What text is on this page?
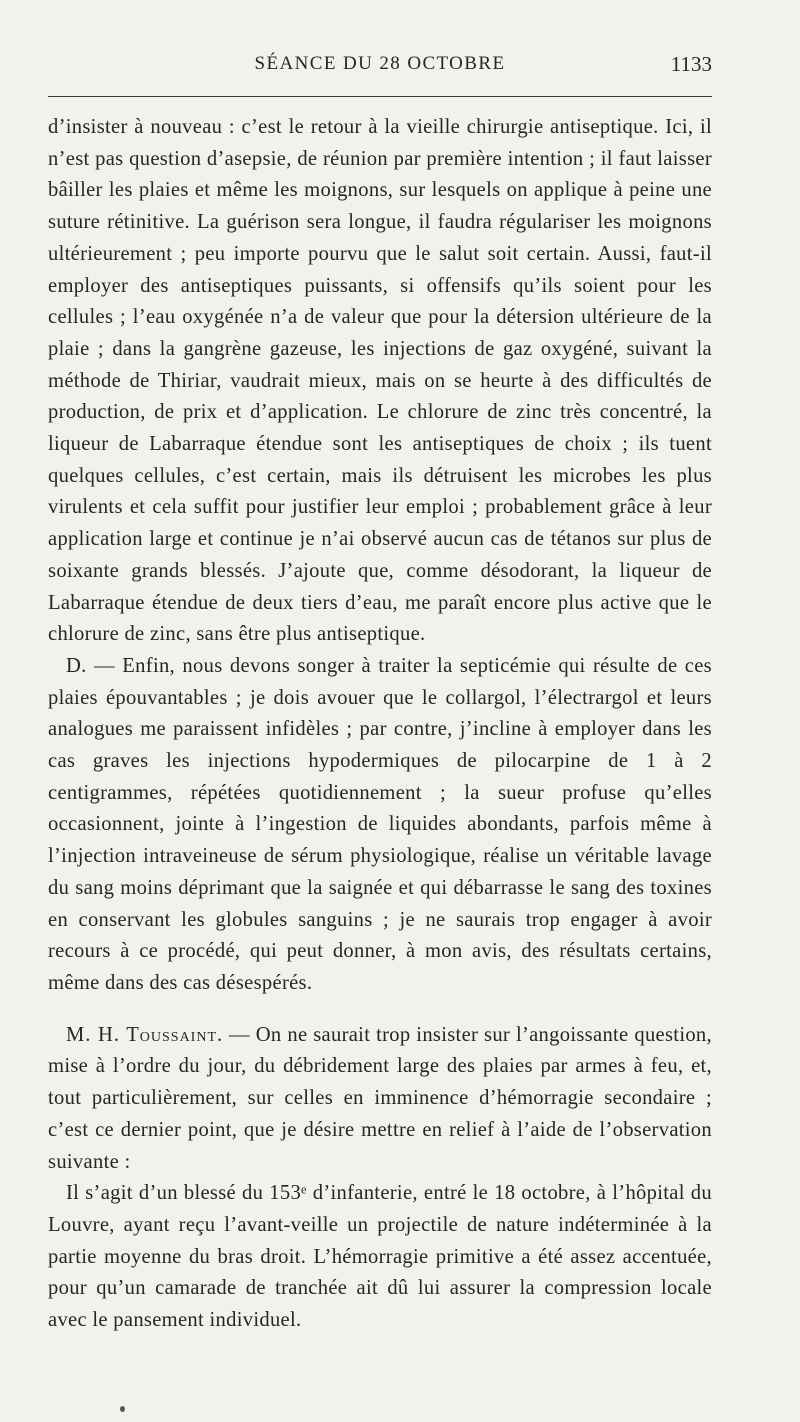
SÉANCE DU 28 OCTOBRE	1133

d’insister à nouveau : c’est le retour à la vieille chirurgie antiseptique. Ici, il n’est pas question d’asepsie, de réunion par première intention ; il faut laisser bâiller les plaies et même les moignons, sur lesquels on applique à peine une suture rétinitive. La guérison sera longue, il faudra régulariser les moignons ultérieurement ; peu importe pourvu que le salut soit certain. Aussi, faut-il employer des antiseptiques puissants, si offensifs qu’ils soient pour les cellules ; l’eau oxygénée n’a de valeur que pour la détersion ultérieure de la plaie ; dans la gangrène gazeuse, les injections de gaz oxygéné, suivant la méthode de Thiriar, vaudrait mieux, mais on se heurte à des difficultés de production, de prix et d’application. Le chlorure de zinc très concentré, la liqueur de Labarraque étendue sont les antiseptiques de choix ; ils tuent quelques cellules, c’est certain, mais ils détruisent les microbes les plus virulents et cela suffit pour justifier leur emploi ; probablement grâce à leur application large et continue je n’ai observé aucun cas de tétanos sur plus de soixante grands blessés. J’ajoute que, comme désodorant, la liqueur de Labarraque étendue de deux tiers d’eau, me paraît encore plus active que le chlorure de zinc, sans être plus antiseptique.

D. — Enfin, nous devons songer à traiter la septicémie qui résulte de ces plaies épouvantables ; je dois avouer que le collargol, l’électrargol et leurs analogues me paraissent infidèles ; par contre, j’incline à employer dans les cas graves les injections hypodermiques de pilocarpine de 1 à 2 centigrammes, répétées quotidiennement ; la sueur profuse qu’elles occasionnent, jointe à l’ingestion de liquides abondants, parfois même à l’injection intraveineuse de sérum physiologique, réalise un véritable lavage du sang moins déprimant que la saignée et qui débarrasse le sang des toxines en conservant les globules sanguins ; je ne saurais trop engager à avoir recours à ce procédé, qui peut donner, à mon avis, des résultats certains, même dans des cas désespérés.

M. H. Toussaint. — On ne saurait trop insister sur l’angoissante question, mise à l’ordre du jour, du débridement large des plaies par armes à feu, et, tout particulièrement, sur celles en imminence d’hémorragie secondaire ; c’est ce dernier point, que je désire mettre en relief à l’aide de l’observation suivante :

Il s’agit d’un blessé du 153ᵉ d’infanterie, entré le 18 octobre, à l’hôpital du Louvre, ayant reçu l’avant-veille un projectile de nature indéterminée à la partie moyenne du bras droit. L’hémorragie primitive a été assez accentuée, pour qu’un camarade de tranchée ait dû lui assurer la compression locale avec le pansement individuel.
